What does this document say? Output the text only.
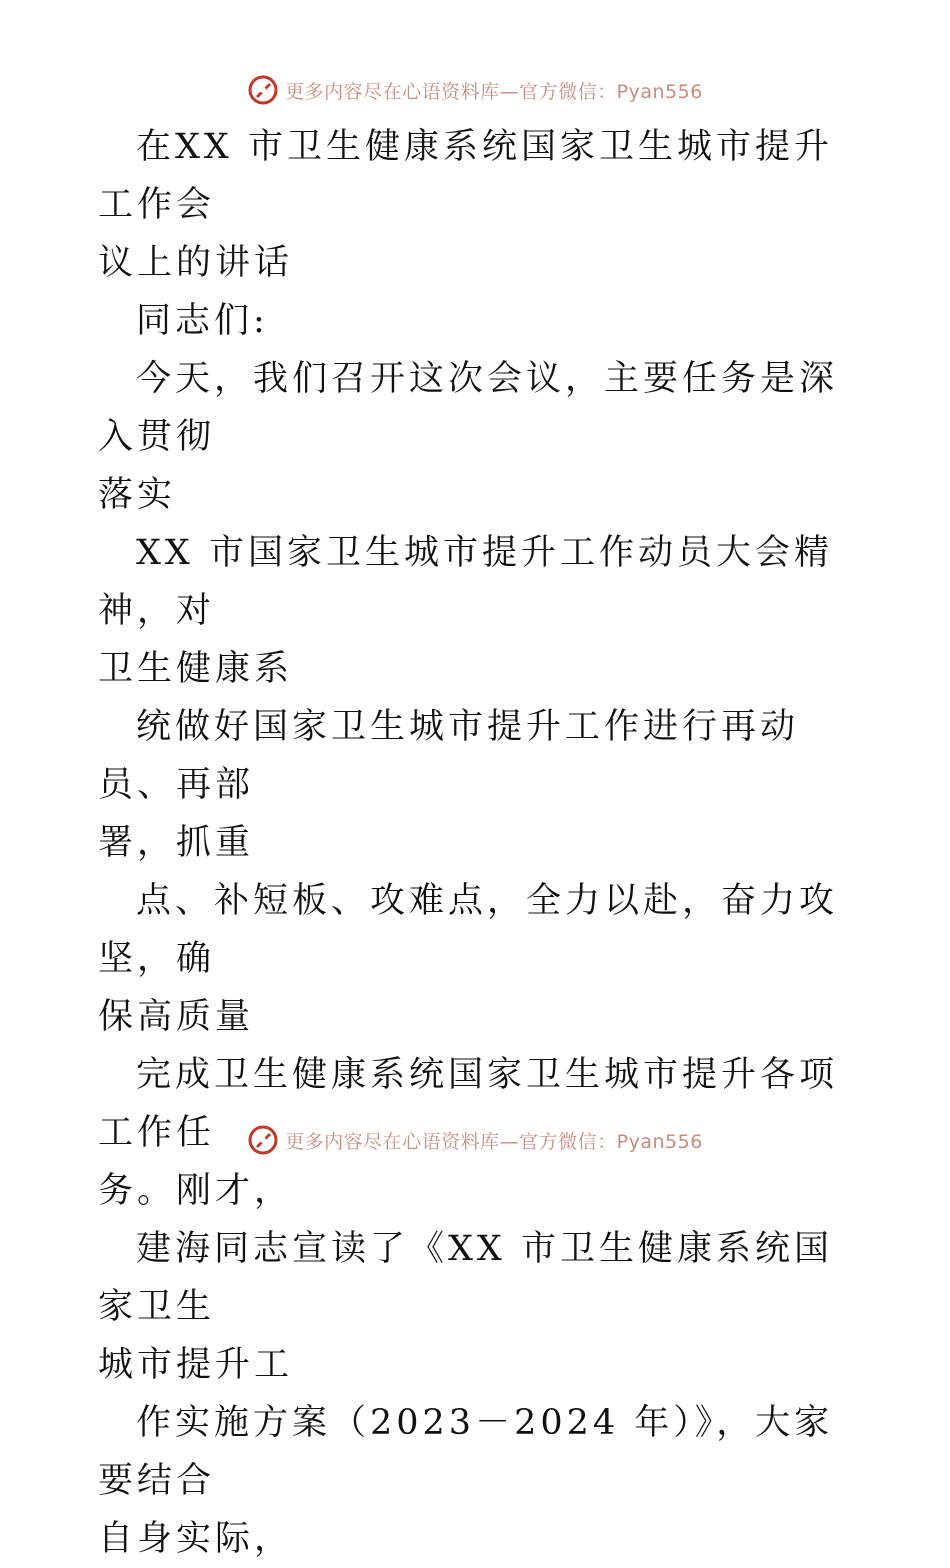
更多内容尽在心语资料库—官方微信：Pyan556

在XX 市卫生健康系统国家卫生城市提升工作会

议上的讲话

同志们:

今天，我们召开这次会议，主要任务是深入贯彻

落实

XX 市国家卫生城市提升工作动员大会精神，对

卫生健康系

统做好国家卫生城市提升工作进行再动员、再部

署，抓重

点、补短板、攻难点，全力以赴，奋力攻坚，确

保高质量

完成卫生健康系统国家卫生城市提升各项工作任

务。刚才，

建海同志宣读了《XX 市卫生健康系统国家卫生

城市提升工

作实施方案（2023－2024 年）》，大家要结合

自身实际，

更多内容尽在心语资料库—官方微信：Pyan556
